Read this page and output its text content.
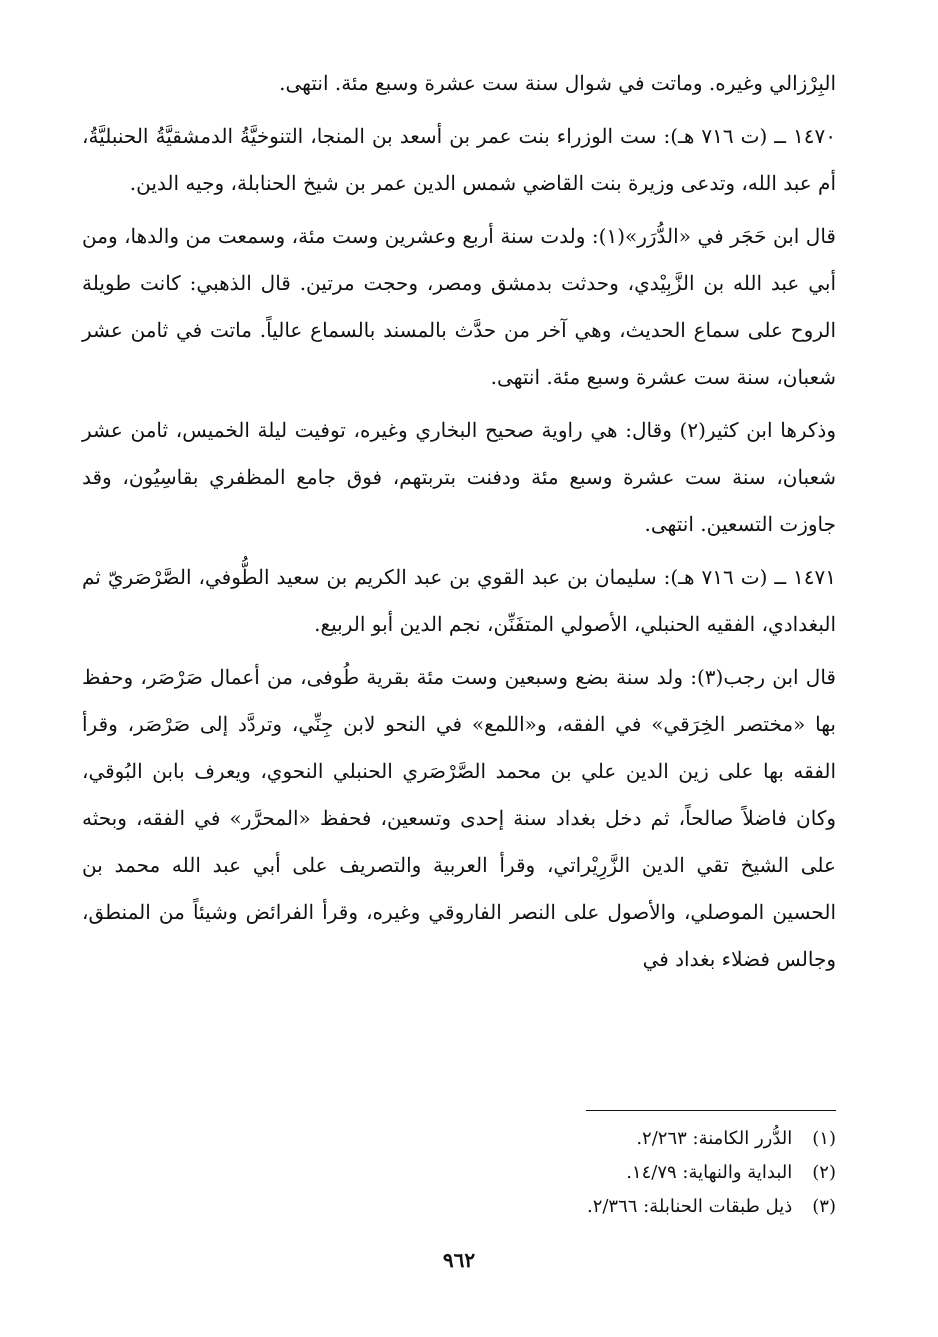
البِرْزالي وغيره. وماتت في شوال سنة ست عشرة وسبع مئة. انتهى.

١٤٧٠ ــ (ت ٧١٦ هـ): ست الوزراء بنت عمر بن أسعد بن المنجا، التنوخيَّةُ الدمشقيَّةُ الحنبليَّةُ، أم عبد الله، وتدعى وزيرة بنت القاضي شمس الدين عمر بن شيخ الحنابلة، وجيه الدين.

قال ابن حَجَر في «الدُّرَر»(١): ولدت سنة أربع وعشرين وست مئة، وسمعت من والدها، ومن أبي عبد الله بن الزَّبِيْدي، وحدثت بدمشق ومصر، وحجت مرتين. قال الذهبي: كانت طويلة الروح على سماع الحديث، وهي آخر من حدَّث بالمسند بالسماع عالياً. ماتت في ثامن عشر شعبان، سنة ست عشرة وسبع مئة. انتهى.

وذكرها ابن كثير(٢) وقال: هي راوية صحيح البخاري وغيره، توفيت ليلة الخميس، ثامن عشر شعبان، سنة ست عشرة وسبع مئة ودفنت بتربتهم، فوق جامع المظفري بقاسِيُون، وقد جاوزت التسعين. انتهى.

١٤٧١ ــ (ت ٧١٦ هـ): سليمان بن عبد القوي بن عبد الكريم بن سعيد الطُّوفي، الصَّرْصَريّ ثم البغدادي، الفقيه الحنبلي، الأصولي المتفَنِّن، نجم الدين أبو الربيع.

قال ابن رجب(٣): ولد سنة بضع وسبعين وست مئة بقرية طُوفى، من أعمال صَرْصَر، وحفظ بها «مختصر الخِرَقي» في الفقه، و«اللمع» في النحو لابن جِنِّي، وتردَّد إلى صَرْصَر، وقرأ الفقه بها على زين الدين علي بن محمد الصَّرْصَري الحنبلي النحوي، ويعرف بابن البُوقي، وكان فاضلاً صالحاً، ثم دخل بغداد سنة إحدى وتسعين، فحفظ «المحرَّر» في الفقه، وبحثه على الشيخ تقي الدين الزَّرِيْراتي، وقرأ العربية والتصريف على أبي عبد الله محمد بن الحسين الموصلي، والأصول على النصر الفاروقي وغيره، وقرأ الفرائض وشيئاً من المنطق، وجالس فضلاء بغداد في

(١) الدُّرر الكامنة: ٢/٢٦٣.

(٢) البداية والنهاية: ١٤/٧٩.

(٣) ذيل طبقات الحنابلة: ٢/٣٦٦.

٩٦٢
